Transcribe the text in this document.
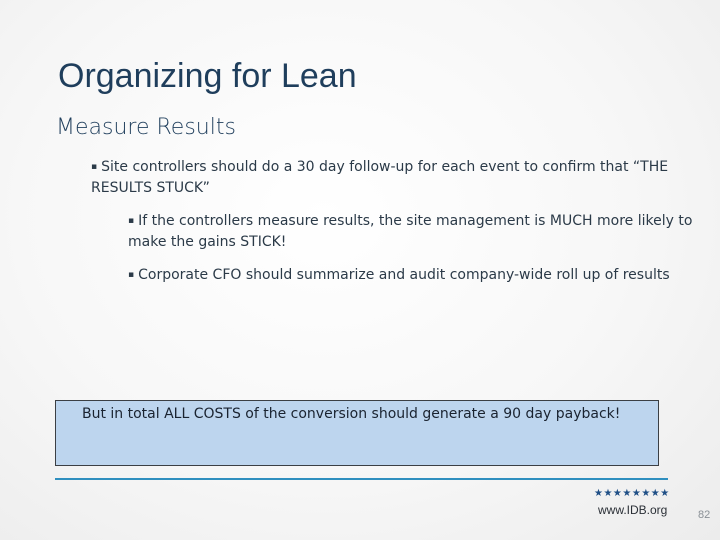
Organizing for Lean
Measure Results
▪ Site controllers should do a 30 day follow-up for each event to confirm that “THE RESULTS STUCK”
▪ If the controllers measure results, the site management is MUCH more likely to make the gains STICK!
▪ Corporate CFO should summarize and audit company-wide roll up of results
But in total ALL COSTS of the conversion should generate a 90 day payback!
★★★★★★★★
www.IDB.org	82
